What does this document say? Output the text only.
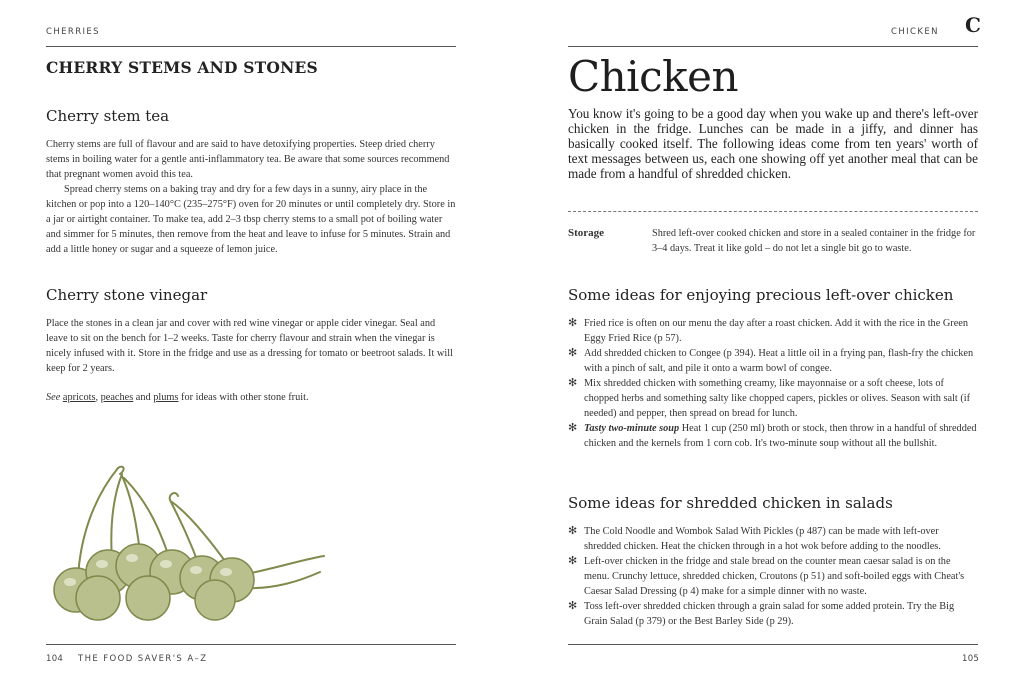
CHERRIES
CHERRY STEMS AND STONES
Cherry stem tea

Cherry stems are full of flavour and are said to have detoxifying properties. Steep dried cherry stems in boiling water for a gentle anti-inflammatory tea. Be aware that some sources recommend that pregnant women avoid this tea.

Spread cherry stems on a baking tray and dry for a few days in a sunny, airy place in the kitchen or pop into a 120–140°C (235–275°F) oven for 20 minutes or until completely dry. Store in a jar or airtight container. To make tea, add 2–3 tbsp cherry stems to a small pot of boiling water and simmer for 5 minutes, then remove from the heat and leave to infuse for 5 minutes. Strain and add a little honey or sugar and a squeeze of lemon juice.

Cherry stone vinegar

Place the stones in a clean jar and cover with red wine vinegar or apple cider vinegar. Seal and leave to sit on the bench for 1–2 weeks. Taste for cherry flavour and strain when the vinegar is nicely infused with it. Store in the fridge and use as a dressing for tomato or beetroot salads. It will keep for 2 years.

See apricots, peaches and plums for ideas with other stone fruit.

104 THE FOOD SAVER'S A–Z
CHICKEN C
Chicken
You know it's going to be a good day when you wake up and there's left-over chicken in the fridge. Lunches can be made in a jiffy, and dinner has basically cooked itself. The following ideas come from ten years' worth of text messages between us, each one showing off yet another meal that can be made from a handful of shredded chicken.
Storage	Shred left-over cooked chicken and store in a sealed container in the fridge for 3–4 days. Treat it like gold – do not let a single bit go to waste.
Some ideas for enjoying precious left-over chicken
✻ Fried rice is often on our menu the day after a roast chicken. Add it with the rice in the Green Eggy Fried Rice (p 57).
✻ Add shredded chicken to Congee (p 394). Heat a little oil in a frying pan, flash-fry the chicken with a pinch of salt, and pile it onto a warm bowl of congee.
✻ Mix shredded chicken with something creamy, like mayonnaise or a soft cheese, lots of chopped herbs and something salty like chopped capers, pickles or olives. Season with salt (if needed) and pepper, then spread on bread for lunch.
✻ Tasty two-minute soup Heat 1 cup (250 ml) broth or stock, then throw in a handful of shredded chicken and the kernels from 1 corn cob. It's two-minute soup without all the bullshit.
Some ideas for shredded chicken in salads
✻ The Cold Noodle and Wombok Salad With Pickles (p 487) can be made with left-over shredded chicken. Heat the chicken through in a hot wok before adding to the noodles.
✻ Left-over chicken in the fridge and stale bread on the counter mean caesar salad is on the menu. Crunchy lettuce, shredded chicken, Croutons (p 51) and soft-boiled eggs with Cheat's Caesar Salad Dressing (p 4) make for a simple dinner with no waste.
✻ Toss left-over shredded chicken through a grain salad for some added protein. Try the Big Grain Salad (p 379) or the Best Barley Side (p 29).
105
